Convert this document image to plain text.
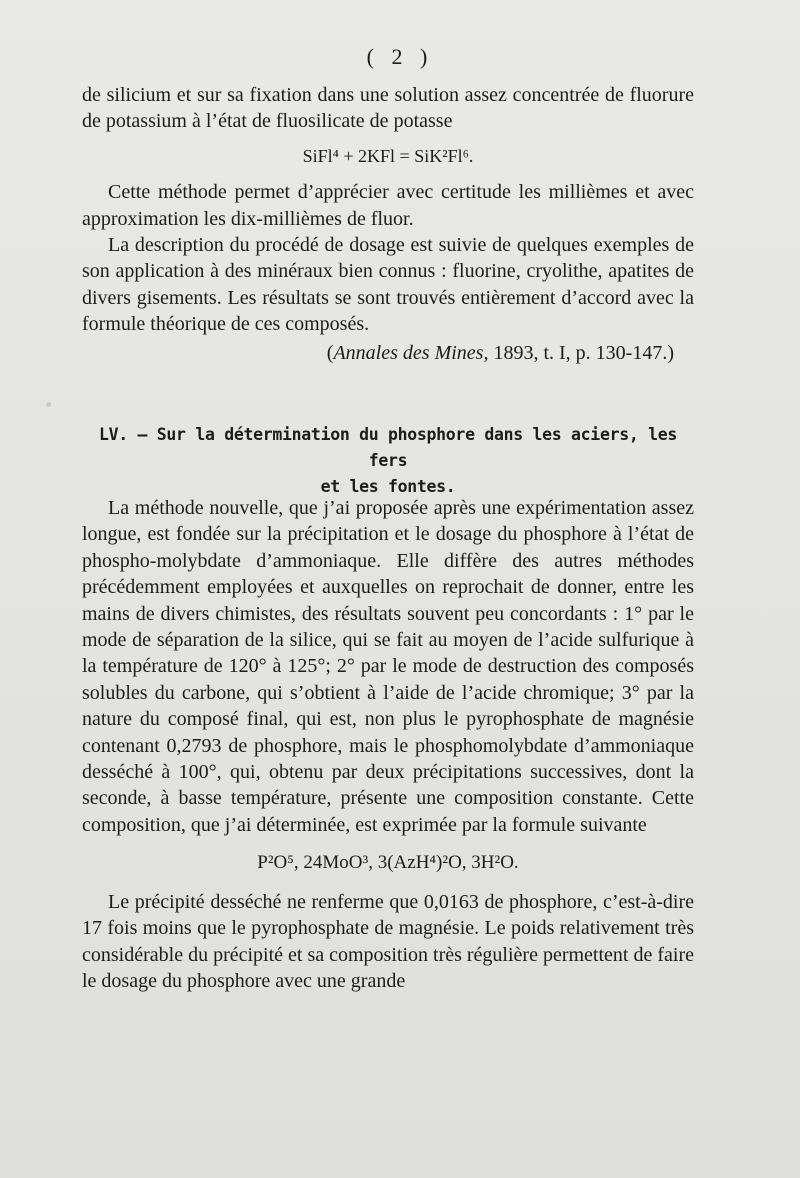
( 2 )
de silicium et sur sa fixation dans une solution assez concentrée de fluorure de potassium à l’état de fluosilicate de potasse
SiFl⁴ + 2KFl = SiK²Fl⁶.
Cette méthode permet d’apprécier avec certitude les millièmes et avec approximation les dix-millièmes de fluor.
La description du procédé de dosage est suivie de quelques exemples de son application à des minéraux bien connus : fluorine, cryolithe, apatites de divers gisements. Les résultats se sont trouvés entièrement d’accord avec la formule théorique de ces composés.
(Annales des Mines, 1893, t. I, p. 130-147.)
LV. — Sur la détermination du phosphore dans les aciers, les fers
et les fontes.
La méthode nouvelle, que j’ai proposée après une expérimentation assez longue, est fondée sur la précipitation et le dosage du phosphore à l’état de phospho-molybdate d’ammoniaque. Elle diffère des autres méthodes précédemment employées et auxquelles on reprochait de donner, entre les mains de divers chimistes, des résultats souvent peu concordants : 1° par le mode de séparation de la silice, qui se fait au moyen de l’acide sulfurique à la température de 120° à 125°; 2° par le mode de destruction des composés solubles du carbone, qui s’obtient à l’aide de l’acide chromique; 3° par la nature du composé final, qui est, non plus le pyrophosphate de magnésie contenant 0,2793 de phosphore, mais le phosphomolybdate d’ammoniaque desséché à 100°, qui, obtenu par deux précipitations successives, dont la seconde, à basse température, présente une composition constante. Cette composition, que j’ai déterminée, est exprimée par la formule suivante
P²O⁵, 24MoO³, 3(AzH⁴)²O, 3H²O.
Le précipité desséché ne renferme que 0,0163 de phosphore, c’est-à-dire 17 fois moins que le pyrophosphate de magnésie. Le poids relativement très considérable du précipité et sa composition très régulière permettent de faire le dosage du phosphore avec une grande
